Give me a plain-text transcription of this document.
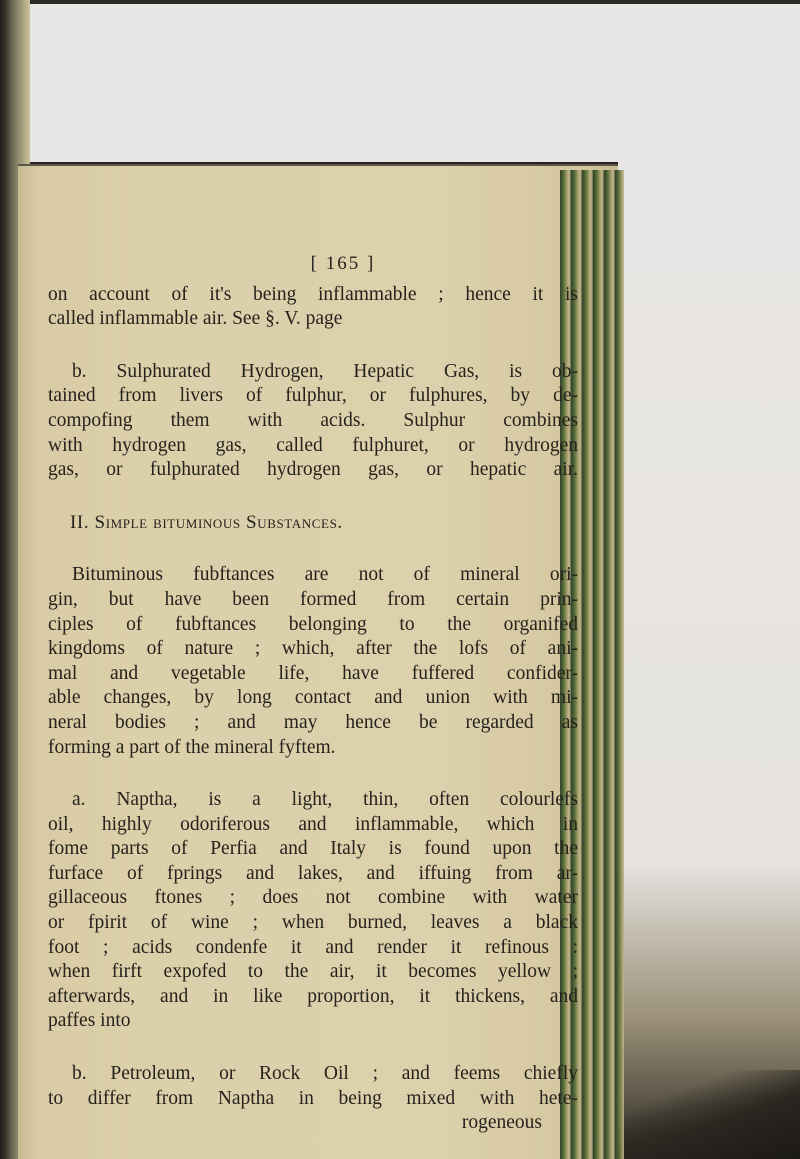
[ 165 ]
on account of it's being inflammable ; hence it is
called inflammable air. See §. V. page
b. Sulphurated Hydrogen, Hepatic Gas, is ob-
tained from livers of fulphur, or fulphures, by de-
compofing them with acids. Sulphur combines
with hydrogen gas, called fulphuret, or hydrogen
gas, or fulphurated hydrogen gas, or hepatic air.
II. Simple bituminous Substances.
Bituminous fubftances are not of mineral ori-
gin, but have been formed from certain prin-
ciples of fubftances belonging to the organifed
kingdoms of nature ; which, after the lofs of ani-
mal and vegetable life, have fuffered confider-
able changes, by long contact and union with mi-
neral bodies ; and may hence be regarded as
forming a part of the mineral fyftem.
a. Naptha, is a light, thin, often colourlefs
oil, highly odoriferous and inflammable, which in
fome parts of Perfia and Italy is found upon the
furface of fprings and lakes, and iffuing from ar-
gillaceous ftones ; does not combine with water
or fpirit of wine ; when burned, leaves a black
foot ; acids condenfe it and render it refinous :
when firft expofed to the air, it becomes yellow ;
afterwards, and in like proportion, it thickens, and
paffes into
b. Petroleum, or Rock Oil ; and feems chiefly
to differ from Naptha in being mixed with hete-
rogeneous
